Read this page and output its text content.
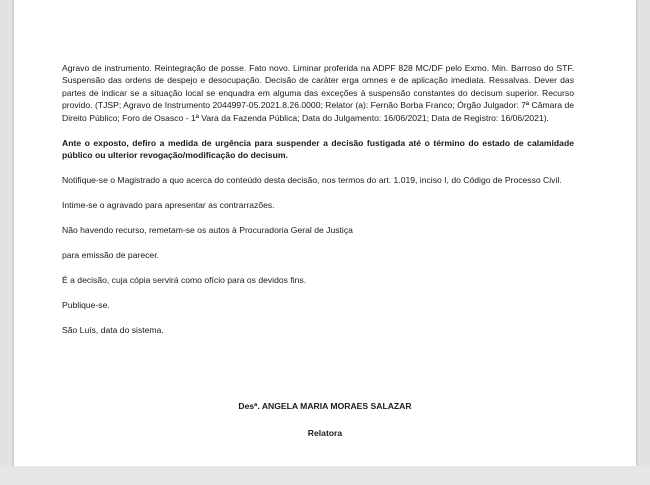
Agravo de instrumento. Reintegração de posse. Fato novo. Liminar proferida na ADPF 828 MC/DF pelo Exmo. Min. Barroso do STF. Suspensão das ordens de despejo e desocupação. Decisão de caráter erga omnes e de aplicação imediata. Ressalvas. Dever das partes de indicar se a situação local se enquadra em alguma das exceções à suspensão constantes do decisum superior. Recurso provido. (TJSP; Agravo de Instrumento 2044997-05.2021.8.26.0000; Relator (a): Fernão Borba Franco; Órgão Julgador: 7ª Câmara de Direito Público; Foro de Osasco - 1ª Vara da Fazenda Pública; Data do Julgamento: 16/06/2021; Data de Registro: 16/06/2021).

Ante o exposto, defiro a medida de urgência para suspender a decisão fustigada até o término do estado de calamidade público ou ulterior revogação/modificação do decisum.

Notifique-se o Magistrado a quo acerca do conteúdo desta decisão, nos termos do art. 1.019, inciso I, do Código de Processo Civil.

Intime-se o agravado para apresentar as contrarrazões.

Não havendo recurso, remetam-se os autos à Procuradoria Geral de Justiça

para emissão de parecer.

É a decisão, cuja cópia servirá como ofício para os devidos fins.

Publique-se.

São Luís, data do sistema.

Desª. ANGELA MARIA MORAES SALAZAR
Relatora
